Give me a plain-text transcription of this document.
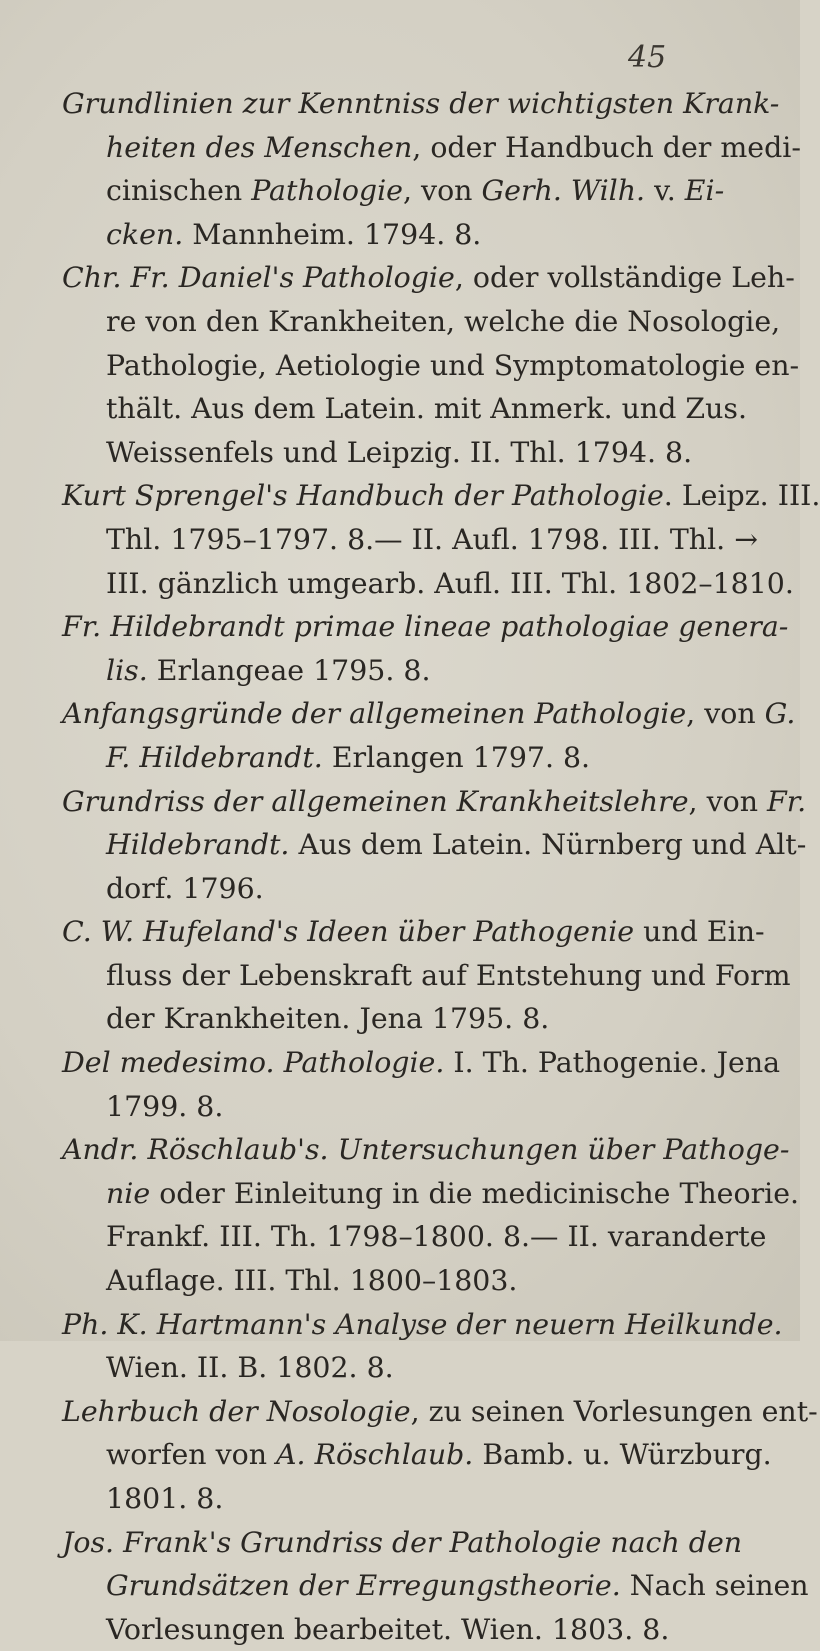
45
Grundlinien zur Kenntniss der wichtigsten Krank-
heiten des Menschen, oder Handbuch der medi-
cinischen Pathologie, von Gerh. Wilh. v. Ei-
cken. Mannheim. 1794. 8.
Chr. Fr. Daniel's Pathologie, oder vollständige Leh-
re von den Krankheiten, welche die Nosologie,
Pathologie, Aetiologie und Symptomatologie en-
thält. Aus dem Latein. mit Anmerk. und Zus.
Weissenfels und Leipzig. II. Thl. 1794. 8.
Kurt Sprengel's Handbuch der Pathologie. Leipz. III.
Thl. 1795–1797. 8.— II. Aufl. 1798. III. Thl. →
III. gänzlich umgearb. Aufl. III. Thl. 1802–1810.
Fr. Hildebrandt primae lineae pathologiae genera-
lis. Erlangeae 1795. 8.
Anfangsgründe der allgemeinen Pathologie, von G.
F. Hildebrandt. Erlangen 1797. 8.
Grundriss der allgemeinen Krankheitslehre, von Fr.
Hildebrandt. Aus dem Latein. Nürnberg und Alt-
dorf. 1796.
C. W. Hufeland's Ideen über Pathogenie und Ein-
fluss der Lebenskraft auf Entstehung und Form
der Krankheiten. Jena 1795. 8.
Del medesimo. Pathologie. I. Th. Pathogenie. Jena
1799. 8.
Andr. Röschlaub's. Untersuchungen über Pathoge-
nie oder Einleitung in die medicinische Theorie.
Frankf. III. Th. 1798–1800. 8.— II. varanderte
Auflage. III. Thl. 1800–1803.
Ph. K. Hartmann's Analyse der neuern Heilkunde.
Wien. II. B. 1802. 8.
Lehrbuch der Nosologie, zu seinen Vorlesungen ent-
worfen von A. Röschlaub. Bamb. u. Würzburg.
1801. 8.
Jos. Frank's Grundriss der Pathologie nach den
Grundsätzen der Erregungstheorie. Nach seinen
Vorlesungen bearbeitet. Wien. 1803. 8.
